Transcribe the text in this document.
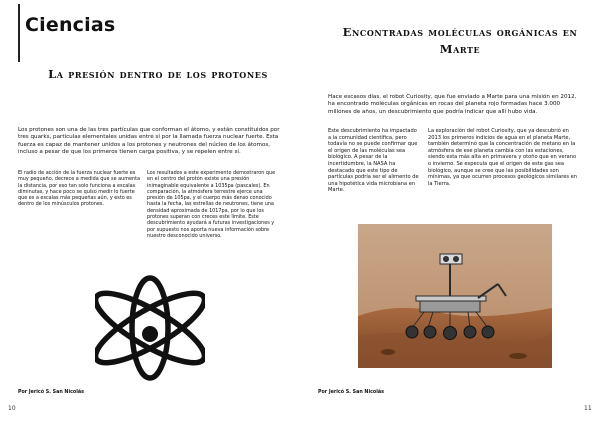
Ciencias
La presión dentro de los protones
Los protones son una de las tres partículas que conforman el átomo, y están constituidos por tres quarks, partículas elementales unidas entre sí por la llamada fuerza nuclear fuerte. Esta fuerza es capaz de mantener unidos a los protones y neutrones del núcleo de los átomos, incluso a pesar de que los primeros tienen carga positiva, y se repelen entre sí.
El radio de acción de la fuerza nuclear fuerte es muy pequeño, decrece a medida que se aumenta la distancia, por eso tan solo funciona a escalas diminutas, y hace poco se quiso medir lo fuerte que es a escalas más pequeñas aún, y esto es dentro de los minúsculos protones.
Los resultados a este experimento demostraron que en el centro del protón existe una presión inimaginable equivalente a 1035pa (pascales). En comparación, la atmósfera terrestre ejerce una presión de 105pa, y el cuerpo más denso conocido hasta la fecha, las estrellas de neutrones, tiene una densidad aproximada de 1017pa, por lo que los protones superan con creces este límite. Este descubrimiento ayudará a futuras investigaciones y por supuesto nos aporta nueva información sobre nuestro desconocido universo.
Por Jericó S. San Nicolás
10
Encontradas moléculas orgánicas en Marte
Hace escasos días, el robot Curiosity, que fue enviado a Marte para una misión en 2012, ha encontrado moléculas orgánicas en rocas del planeta rojo formadas hace 3.000 millones de años, un descubrimiento que podría indicar que allí hubo vida.
Este descubrimiento ha impactado a la comunidad científica, pero todavía no se puede confirmar que el origen de las moléculas sea biológico. A pesar de la incertidumbre, la NASA ha destacado que este tipo de partículas podría ser el alimento de una hipotética vida microbiana en Marte.
La exploración del robot Curiosity, que ya descubrió en 2013 los primeros indicios de agua en el planeta Marte, también determinó que la concentración de metano en la atmósfera de ese planeta cambia con las estaciones, siendo esta más alta en primavera y otoño que en verano o invierno. Se especula que el origen de este gas sea biológico, aunque se cree que las posibilidades son mínimas, ya que ocurren procesos geológicos similares en la Tierra.
Por Jericó S. San Nicolás
11
